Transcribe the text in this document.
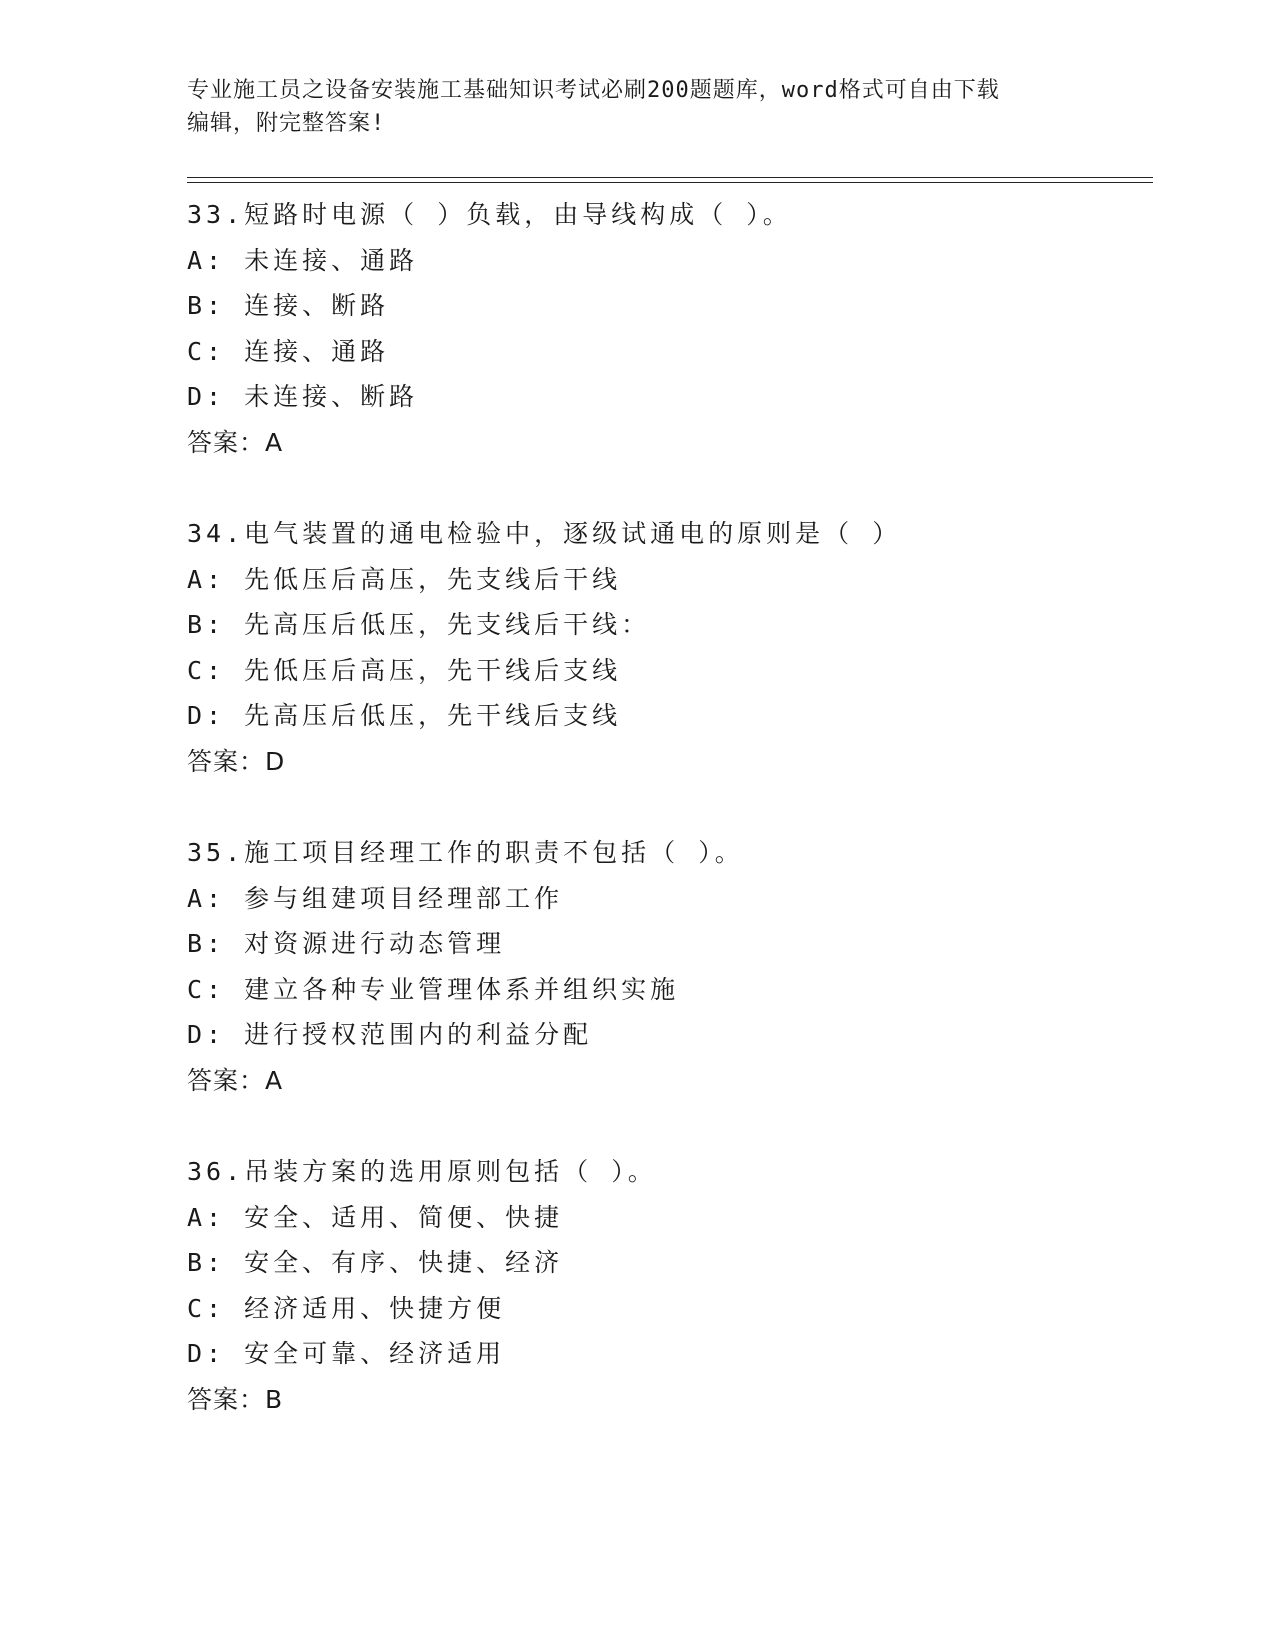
专业施工员之设备安装施工基础知识考试必刷200题题库，word格式可自由下载
编辑，附完整答案!
33.短路时电源（ ）负载，由导线构成（ ）。
A: 未连接、通路
B: 连接、断路
C: 连接、通路
D: 未连接、断路
答案：A
34.电气装置的通电检验中，逐级试通电的原则是（ ）
A: 先低压后高压，先支线后干线
B: 先高压后低压，先支线后干线：
C: 先低压后高压，先干线后支线
D: 先高压后低压，先干线后支线
答案：D
35.施工项目经理工作的职责不包括（ ）。
A: 参与组建项目经理部工作
B: 对资源进行动态管理
C: 建立各种专业管理体系并组织实施
D: 进行授权范围内的利益分配
答案：A
36.吊装方案的选用原则包括（ ）。
A: 安全、适用、简便、快捷
B: 安全、有序、快捷、经济
C: 经济适用、快捷方便
D: 安全可靠、经济适用
答案：B
